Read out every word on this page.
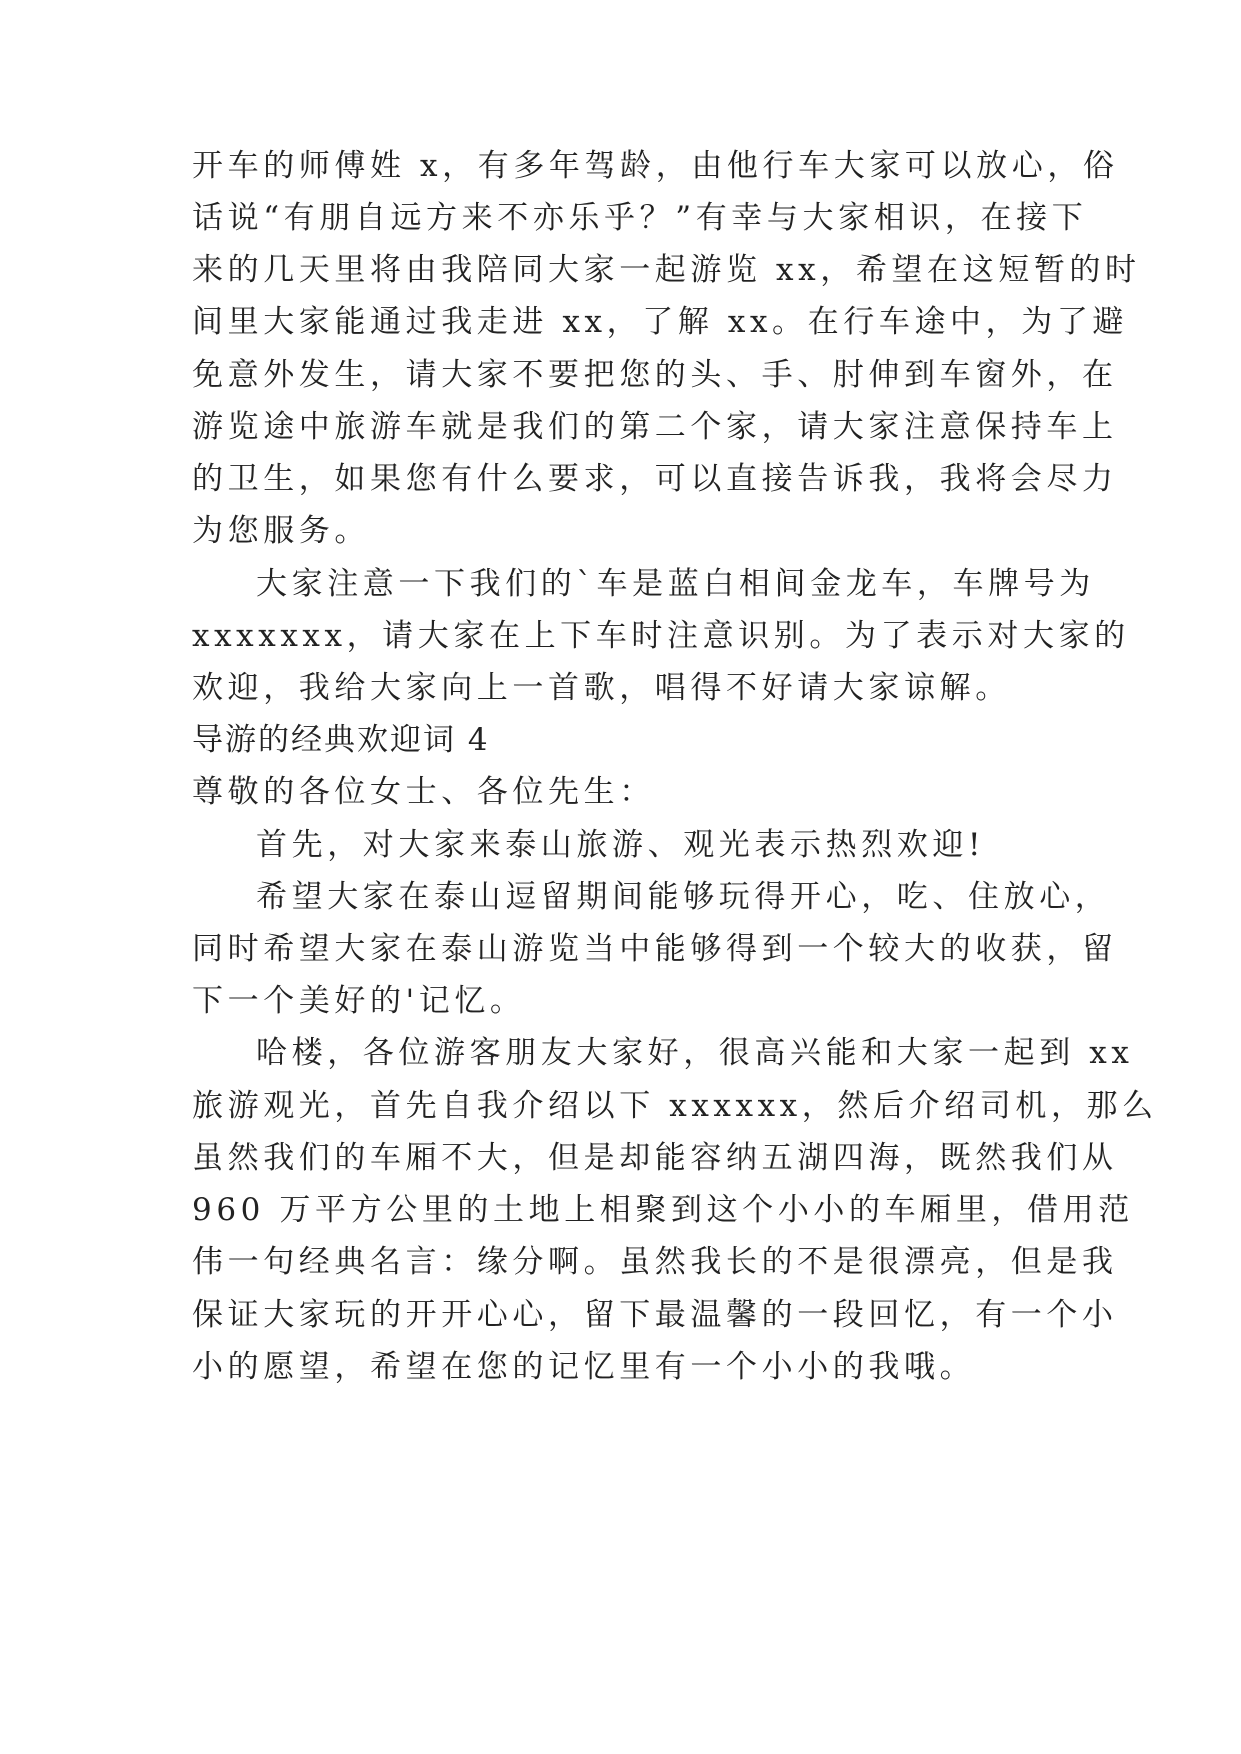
开车的师傅姓 x，有多年驾龄，由他行车大家可以放心，俗
话说“有朋自远方来不亦乐乎？”有幸与大家相识，在接下
来的几天里将由我陪同大家一起游览 xx，希望在这短暂的时
间里大家能通过我走进 xx，了解 xx。在行车途中，为了避
免意外发生，请大家不要把您的头、手、肘伸到车窗外，在
游览途中旅游车就是我们的第二个家，请大家注意保持车上
的卫生，如果您有什么要求，可以直接告诉我，我将会尽力
为您服务。
大家注意一下我们的`车是蓝白相间金龙车，车牌号为
xxxxxxx，请大家在上下车时注意识别。为了表示对大家的
欢迎，我给大家向上一首歌，唱得不好请大家谅解。
导游的经典欢迎词 4
尊敬的各位女士、各位先生：
首先，对大家来泰山旅游、观光表示热烈欢迎!
希望大家在泰山逗留期间能够玩得开心，吃、住放心，
同时希望大家在泰山游览当中能够得到一个较大的收获，留
下一个美好的'记忆。
哈楼，各位游客朋友大家好，很高兴能和大家一起到 xx
旅游观光，首先自我介绍以下 xxxxxx，然后介绍司机，那么
虽然我们的车厢不大，但是却能容纳五湖四海，既然我们从
960 万平方公里的土地上相聚到这个小小的车厢里，借用范
伟一句经典名言：缘分啊。虽然我长的不是很漂亮，但是我
保证大家玩的开开心心，留下最温馨的一段回忆，有一个小
小的愿望，希望在您的记忆里有一个小小的我哦。
